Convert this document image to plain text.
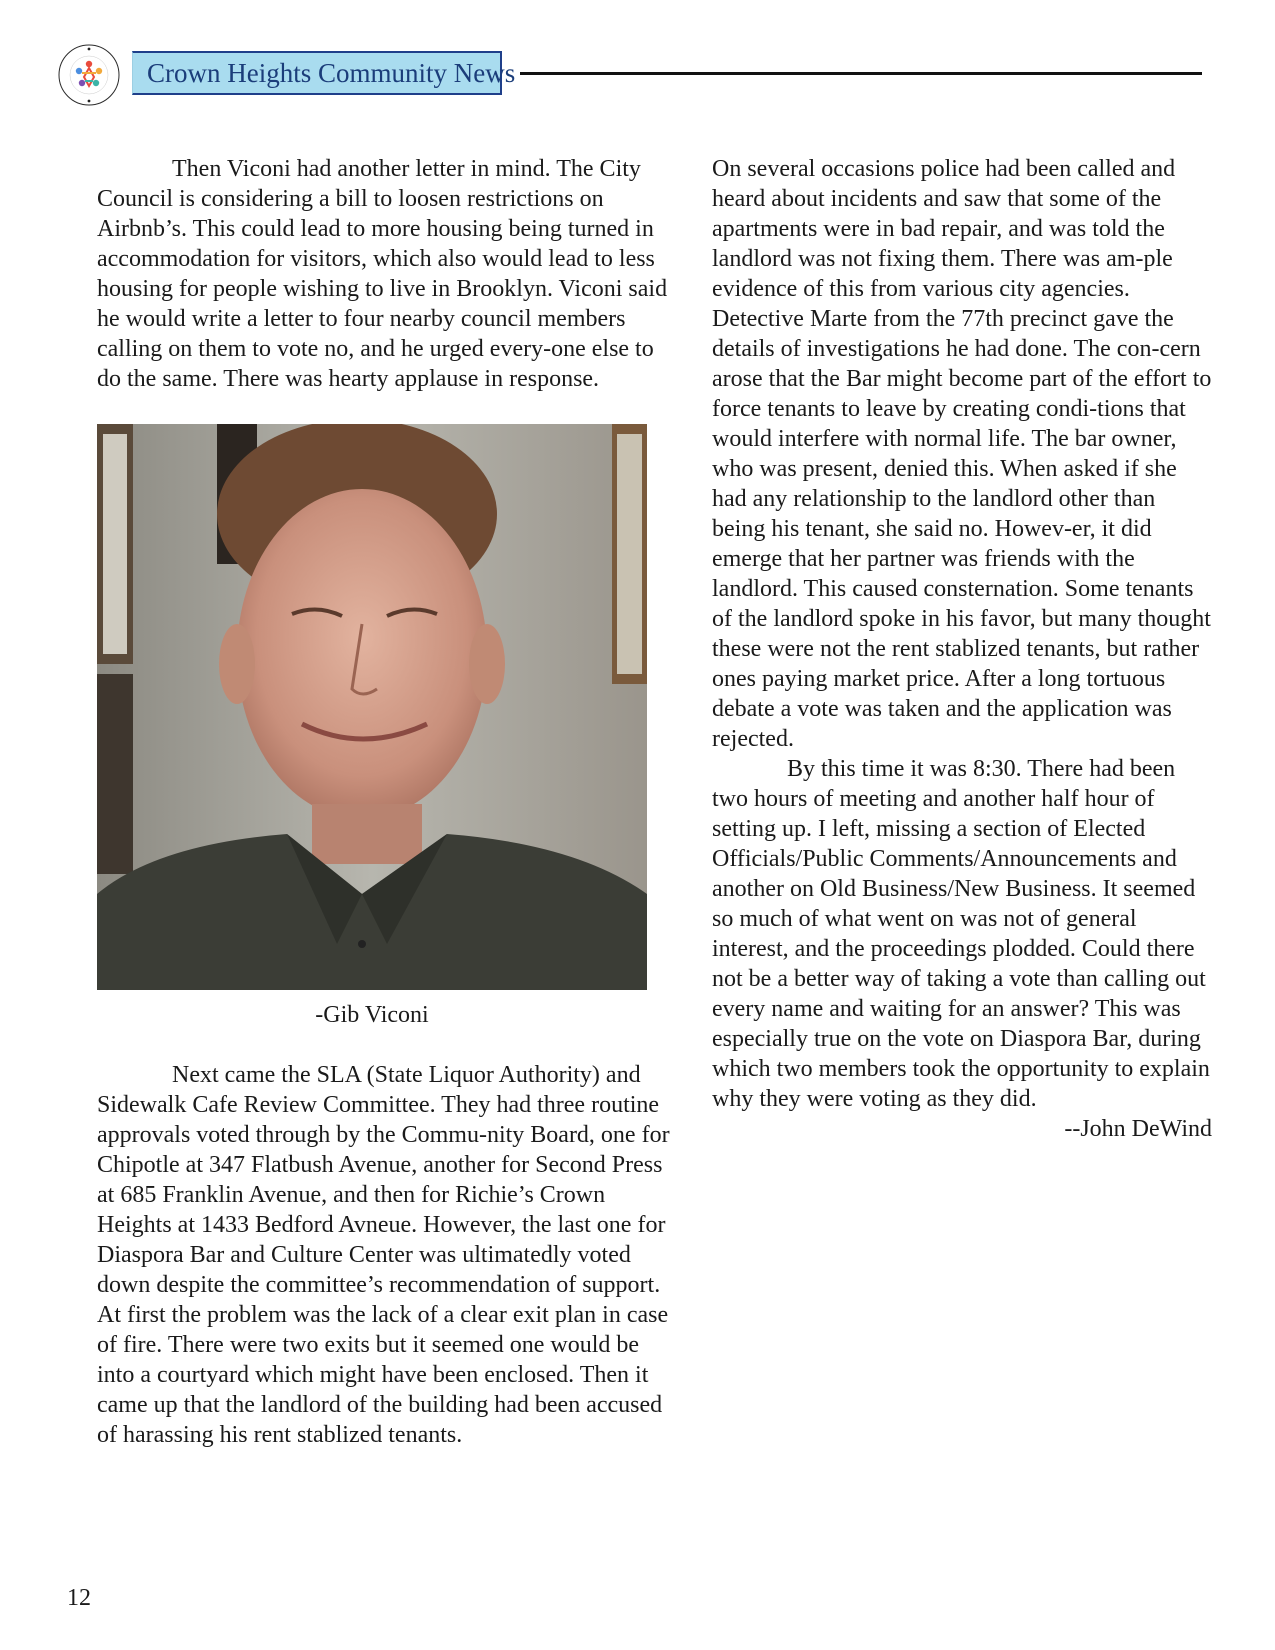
Crown Heights Community News

Then Viconi had another letter in mind. The City Council is considering a bill to loosen restrictions on Airbnb’s. This could lead to more housing being turned in accommodation for visitors, which also would lead to less housing for people wishing to live in Brooklyn. Viconi said he would write a letter to four nearby council members calling on them to vote no, and he urged every-one else to do the same. There was hearty applause in response.

-Gib Viconi

Next came the SLA (State Liquor Authority) and Sidewalk Cafe Review Committee. They had three routine approvals voted through by the Commu-nity Board, one for Chipotle at 347 Flatbush Avenue, another for Second Press at 685 Franklin Avenue, and then for Richie’s Crown Heights at 1433 Bedford Avneue. However, the last one for Diaspora Bar and Culture Center was ultimatedly voted down despite the committee’s recommendation of support. At first the problem was the lack of a clear exit plan in case of fire. There were two exits but it seemed one would be into a courtyard which might have been enclosed. Then it came up that the landlord of the building had been accused of harassing his rent stablized tenants.

On several occasions police had been called and heard about incidents and saw that some of the apartments were in bad repair, and was told the landlord was not fixing them. There was am-ple evidence of this from various city agencies. Detective Marte from the 77th precinct gave the details of investigations he had done. The con-cern arose that the Bar might become part of the effort to force tenants to leave by creating condi-tions that would interfere with normal life. The bar owner, who was present, denied this. When asked if she had any relationship to the landlord other than being his tenant, she said no. Howev-er, it did emerge that her partner was friends with the landlord. This caused consternation. Some tenants of the landlord spoke in his favor, but many thought these were not the rent stablized tenants, but rather ones paying market price. After a long tortuous debate a vote was taken and the application was rejected.

By this time it was 8:30. There had been two hours of meeting and another half hour of setting up. I left, missing a section of Elected Officials/Public Comments/Announcements and another on Old Business/New Business. It seemed so much of what went on was not of general interest, and the proceedings plodded. Could there not be a better way of taking a vote than calling out every name and waiting for an answer? This was especially true on the vote on Diaspora Bar, during which two members took the opportunity to explain why they were voting as they did.

--John DeWind

12
